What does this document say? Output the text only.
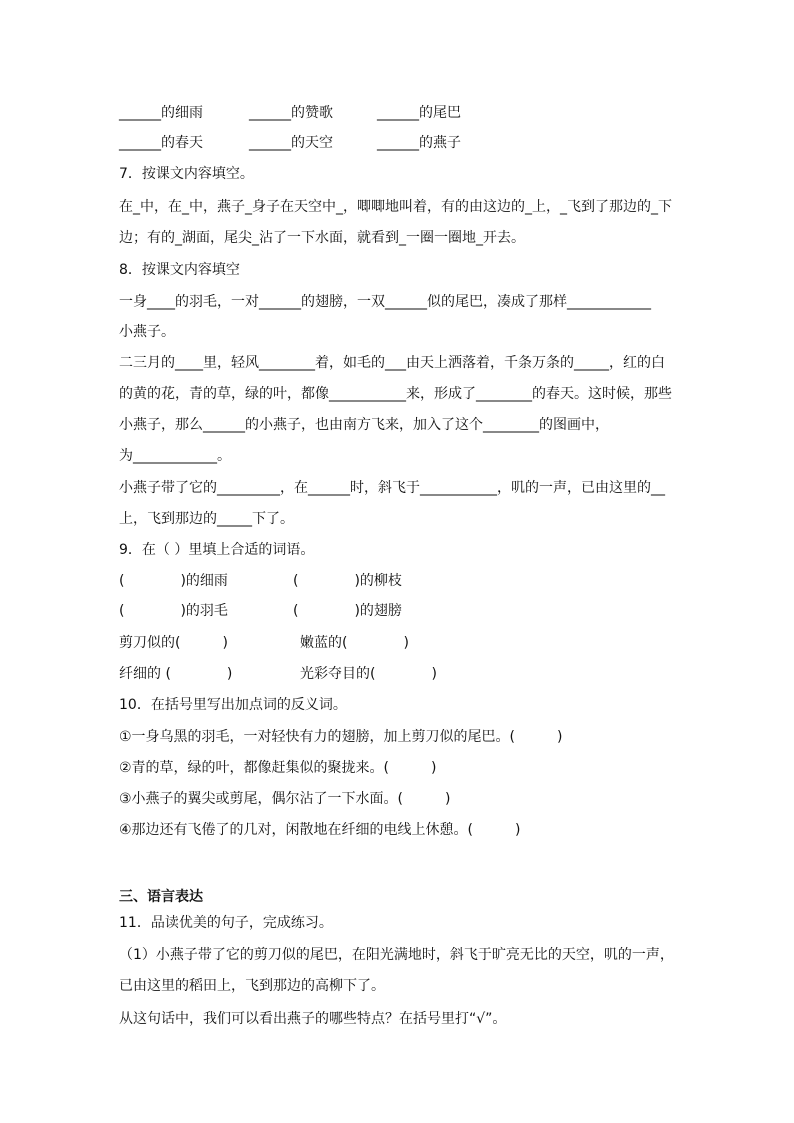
______的细雨	______的赞歌	______的尾巴
______的春天	______的天空	______的燕子
7．按课文内容填空。
在_中，在_中，燕子_身子在天空中_，唧唧地叫着，有的由这边的_上，_飞到了那边的_下
边；有的_湖面，尾尖_沾了一下水面，就看到_一圈一圈地_开去。
8．按课文内容填空
一身____的羽毛，一对______的翅膀，一双______似的尾巴，凑成了那样____________
小燕子。
二三月的____里，轻风________着，如毛的___由天上洒落着，千条万条的_____，红的白
的黄的花，青的草，绿的叶，都像___________来，形成了________的春天。这时候，那些
小燕子，那么______的小燕子，也由南方飞来，加入了这个________的图画中，
为____________。
小燕子带了它的_________，在______时，斜飞于___________，叽的一声，已由这里的__
上，飞到那边的_____下了。
9．在（ ）里填上合适的词语。
(　　　　)的细雨	(　　　　)的柳枝
(　　　　)的羽毛	(　　　　)的翅膀
剪刀似的(　　　)	嫩蓝的(　　　　)
纤细的 (　　　　)	光彩夺目的(　　　　)
10．在括号里写出加点词的反义词。
①一身乌黑的羽毛，一对轻快有力的翅膀，加上剪刀似的尾巴。(　　　)
②青的草，绿的叶，都像赶集似的聚拢来。(　　　)
③小燕子的翼尖或剪尾，偶尔沾了一下水面。(　　　)
④那边还有飞倦了的几对，闲散地在纤细的电线上休憩。(　　　)
三、语言表达
11．品读优美的句子，完成练习。
（1）小燕子带了它的剪刀似的尾巴，在阳光满地时，斜飞于旷亮无比的天空，叽的一声，
已由这里的稻田上，飞到那边的高柳下了。
从这句话中，我们可以看出燕子的哪些特点？在括号里打“√”。
